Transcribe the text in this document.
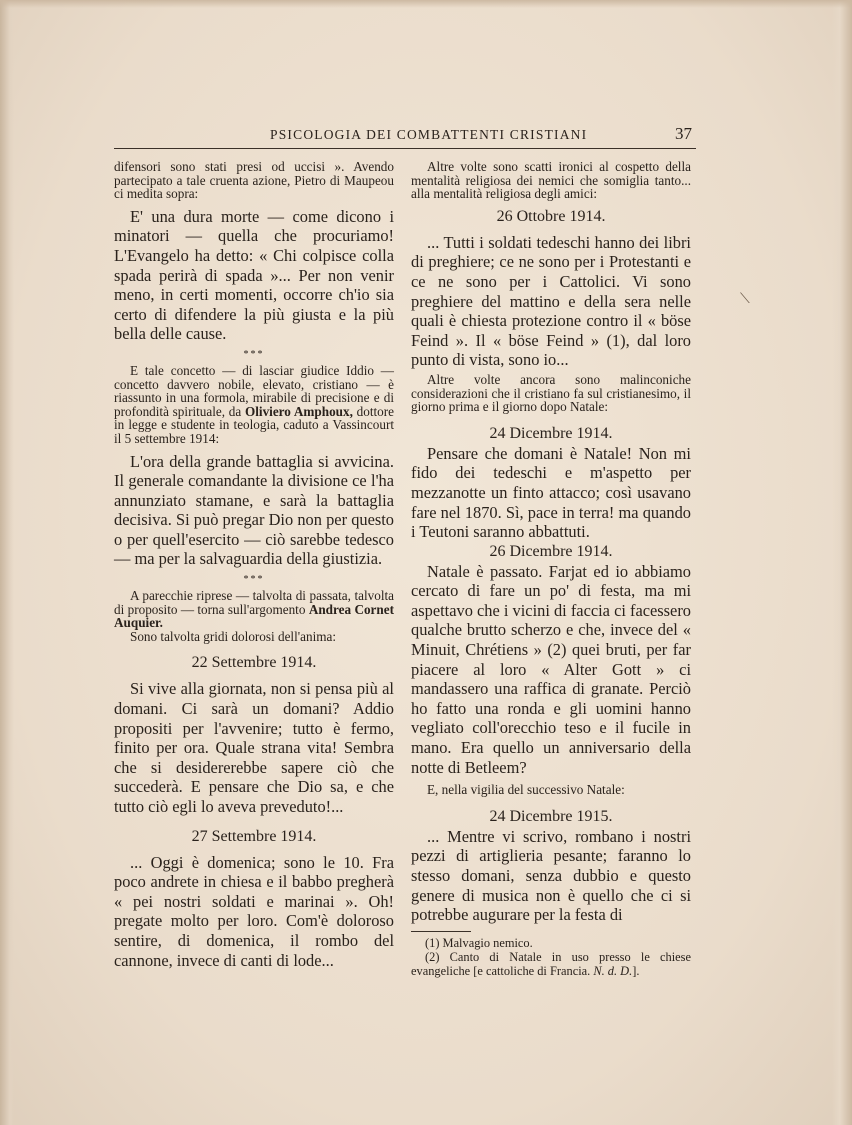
PSICOLOGIA DEI COMBATTENTI CRISTIANI	37

difensori sono stati presi od uccisi ». Avendo partecipato a tale cruenta azione, Pietro di Maupeou ci medita sopra:

E' una dura morte — come dicono i minatori — quella che procuriamo! L'Evangelo ha detto: « Chi colpisce colla spada perirà di spada »... Per non venir meno, in certi momenti, occorre ch'io sia certo di difendere la più giusta e la più bella delle cause.

***

E tale concetto — di lasciar giudice Iddio — concetto davvero nobile, elevato, cristiano — è riassunto in una formola, mirabile di precisione e di profondità spirituale, da Oliviero Amphoux, dottore in legge e studente in teologia, caduto a Vassincourt il 5 settembre 1914:

L'ora della grande battaglia si avvicina. Il generale comandante la divisione ce l'ha annunziato stamane, e sarà la battaglia decisiva. Si può pregar Dio non per questo o per quell'esercito — ciò sarebbe tedesco — ma per la salvaguardia della giustizia.

***

A parecchie riprese — talvolta di passata, talvolta di proposito — torna sull'argomento Andrea Cornet Auquier.

Sono talvolta gridi dolorosi dell'anima:

22 Settembre 1914.

Si vive alla giornata, non si pensa più al domani. Ci sarà un domani? Addio propositi per l'avvenire; tutto è fermo, finito per ora. Quale strana vita! Sembra che si desidererebbe sapere ciò che succederà. E pensare che Dio sa, e che tutto ciò egli lo aveva preveduto!...

27 Settembre 1914.

... Oggi è domenica; sono le 10. Fra poco andrete in chiesa e il babbo pregherà « pei nostri soldati e marinai ». Oh! pregate molto per loro. Com'è doloroso sentire, di domenica, il rombo del cannone, invece di canti di lode...

Altre volte sono scatti ironici al cospetto della mentalità religiosa dei nemici che somiglia tanto... alla mentalità religiosa degli amici:

26 Ottobre 1914.

... Tutti i soldati tedeschi hanno dei libri di preghiere; ce ne sono per i Protestanti e ce ne sono per i Cattolici. Vi sono preghiere del mattino e della sera nelle quali è chiesta protezione contro il « böse Feind ». Il « böse Feind » (1), dal loro punto di vista, sono io...

Altre volte ancora sono malinconiche considerazioni che il cristiano fa sul cristianesimo, il giorno prima e il giorno dopo Natale:

24 Dicembre 1914.

Pensare che domani è Natale! Non mi fido dei tedeschi e m'aspetto per mezzanotte un finto attacco; così usavano fare nel 1870. Sì, pace in terra! ma quando i Teutoni saranno abbattuti.

26 Dicembre 1914.

Natale è passato. Farjat ed io abbiamo cercato di fare un po' di festa, ma mi aspettavo che i vicini di faccia ci facessero qualche brutto scherzo e che, invece del « Minuit, Chrétiens » (2) quei bruti, per far piacere al loro « Alter Gott » ci mandassero una raffica di granate. Perciò ho fatto una ronda e gli uomini hanno vegliato coll'orecchio teso e il fucile in mano. Era quello un anniversario della notte di Betleem?

E, nella vigilia del successivo Natale:

24 Dicembre 1915.

... Mentre vi scrivo, rombano i nostri pezzi di artiglieria pesante; faranno lo stesso domani, senza dubbio e questo genere di musica non è quello che ci si potrebbe augurare per la festa di

(1) Malvagio nemico.

(2) Canto di Natale in uso presso le chiese evangeliche [e cattoliche di Francia. N. d. D.].

⟍
